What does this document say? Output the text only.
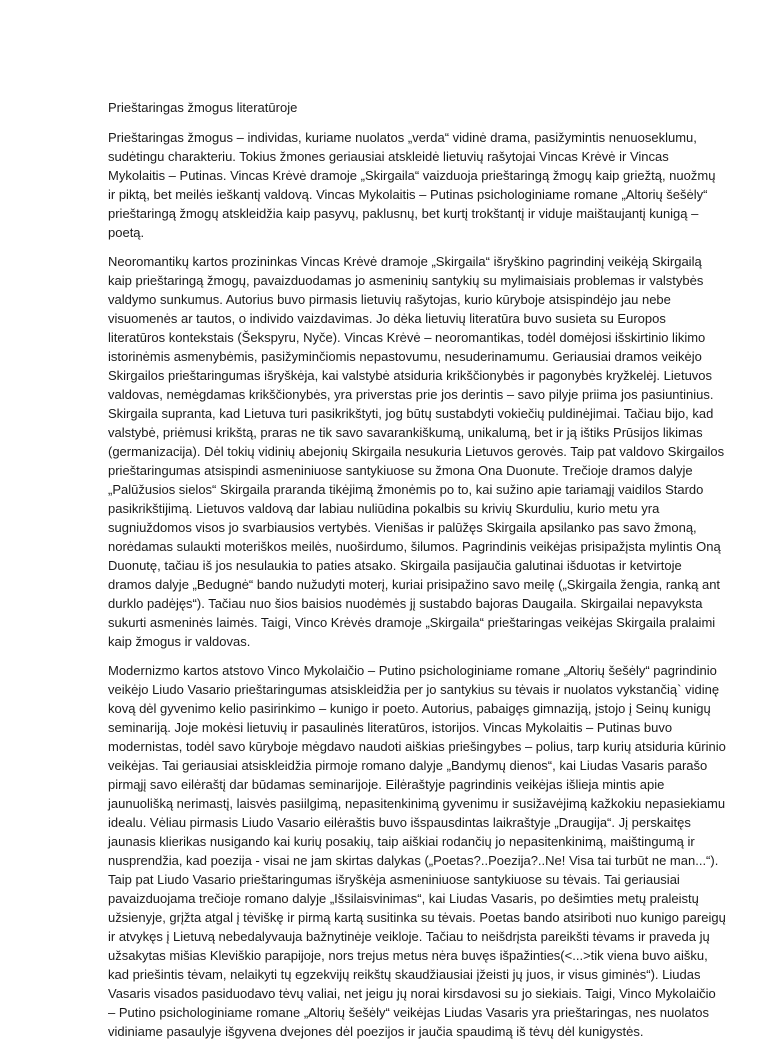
Prieštaringas žmogus literatūroje

Prieštaringas žmogus – individas, kuriame nuolatos „verda“ vidinė drama, pasižymintis nenuoseklumu, sudėtingu charakteriu. Tokius žmones geriausiai atskleidė lietuvių rašytojai Vincas Krėvė ir Vincas Mykolaitis – Putinas. Vincas Krėvė dramoje „Skirgaila“ vaizduoja prieštaringą žmogų kaip griežtą, nuožmų ir piktą, bet meilės ieškantį valdovą. Vincas Mykolaitis – Putinas psichologiniame romane „Altorių šešėly“ prieštaringą žmogų atskleidžia kaip pasyvų, paklusnų, bet kurtį trokštantį ir viduje maištaujantį kunigą – poetą.

Neoromantikų kartos prozininkas Vincas Krėvė dramoje „Skirgaila“ išryškino pagrindinį veikėją Skirgailą kaip prieštaringą žmogų, pavaizduodamas jo asmeninių santykių su mylimaisiais problemas ir valstybės valdymo sunkumus. Autorius buvo pirmasis lietuvių rašytojas, kurio kūryboje atsispindėjo jau nebe visuomenės ar tautos, o individo vaizdavimas. Jo dėka lietuvių literatūra buvo susieta su Europos literatūros kontekstais (Šekspyru, Nyče). Vincas Krėvė – neoromantikas, todėl domėjosi išskirtinio likimo istorinėmis asmenybėmis, pasižyminčiomis nepastovumu, nesuderinamumu. Geriausiai dramos veikėjo Skirgailos prieštaringumas išryškėja, kai valstybė atsiduria krikščionybės ir pagonybės kryžkelėj. Lietuvos valdovas, nemėgdamas krikščionybės, yra priverstas prie jos derintis – savo pilyje priima jos pasiuntinius. Skirgaila supranta, kad Lietuva turi pasikrikštyti, jog būtų sustabdyti vokiečių puldinėjimai. Tačiau bijo, kad valstybė, priėmusi krikštą, praras ne tik savo savarankiškumą, unikalumą, bet ir ją ištiks Prūsijos likimas (germanizacija). Dėl tokių vidinių abejonių Skirgaila nesukuria Lietuvos gerovės. Taip pat valdovo Skirgailos prieštaringumas atsispindi asmeniniuose santykiuose su žmona Ona Duonute. Trečioje dramos dalyje „Palūžusios sielos“ Skirgaila praranda tikėjimą žmonėmis po to, kai sužino apie tariamąjį vaidilos Stardo pasikrikštijimą. Lietuvos valdovą dar labiau nuliūdina pokalbis su krivių Skurduliu, kurio metu yra sugniuždomos visos jo svarbiausios vertybės. Vienišas ir palūžęs Skirgaila apsilanko pas savo žmoną, norėdamas sulaukti moteriškos meilės, nuoširdumo, šilumos. Pagrindinis veikėjas prisipažįsta mylintis Oną Duonutę, tačiau iš jos nesulaukia to paties atsako. Skirgaila pasijaučia galutinai išduotas ir ketvirtoje dramos dalyje „Bedugnė“ bando nužudyti moterį, kuriai prisipažino savo meilę („Skirgaila žengia, ranką ant durklo padėjęs“). Tačiau nuo šios baisios nuodėmės jį sustabdo bajoras Daugaila. Skirgailai nepavyksta sukurti asmeninės laimės. Taigi, Vinco Krėvės dramoje „Skirgaila“ prieštaringas veikėjas Skirgaila pralaimi kaip žmogus ir valdovas.

Modernizmo kartos atstovo Vinco Mykolaičio – Putino psichologiniame romane „Altorių šešėly“ pagrindinio veikėjo Liudo Vasario prieštaringumas atsiskleidžia per jo santykius su tėvais ir nuolatos vykstančią` vidinę kovą dėl gyvenimo kelio pasirinkimo – kunigo ir poeto. Autorius, pabaigęs gimnaziją, įstojo į Seinų kunigų seminariją. Joje mokėsi lietuvių ir pasaulinės literatūros, istorijos. Vincas Mykolaitis – Putinas buvo modernistas, todėl savo kūryboje mėgdavo naudoti aiškias priešingybes – polius, tarp kurių atsiduria kūrinio veikėjas. Tai geriausiai atsiskleidžia pirmoje romano dalyje „Bandymų dienos“, kai Liudas Vasaris parašo pirmąjį savo eilėraštį dar būdamas seminarijoje. Eilėraštyje pagrindinis veikėjas išlieja mintis apie jaunuolišką nerimastį, laisvės pasiilgimą, nepasitenkinimą gyvenimu ir susižavėjimą kažkokiu nepasiekiamu idealu. Vėliau pirmasis Liudo Vasario eilėraštis buvo išspausdintas laikraštyje „Draugija“. Jį perskaitęs jaunasis klierikas nusigando kai kurių posakių, taip aiškiai rodančių jo nepasitenkinimą, maištingumą ir nusprendžia, kad poezija - visai ne jam skirtas dalykas („Poetas?..Poezija?..Ne! Visa tai turbūt ne man...“). Taip pat Liudo Vasario prieštaringumas išryškėja asmeniniuose santykiuose su tėvais. Tai geriausiai pavaizduojama trečioje romano dalyje „Išsilaisvinimas“, kai Liudas Vasaris, po dešimties metų praleistų užsienyje, grįžta atgal į tėviškę ir pirmą kartą susitinka su tėvais. Poetas bando atsiriboti nuo kunigo pareigų ir atvykęs į Lietuvą nebedalyvauja bažnytinėje veikloje. Tačiau to neišdrįsta pareikšti tėvams ir praveda jų užsakytas mišias Kleviškio parapijoje, nors trejus metus nėra buvęs išpažinties(<...>tik viena buvo aišku, kad priešintis tėvam, nelaikyti tų egzekvijų reikštų skaudžiausiai įžeisti jų juos, ir visus giminės“). Liudas Vasaris visados pasiduodavo tėvų valiai, net jeigu jų norai kirsdavosi su jo siekiais. Taigi, Vinco Mykolaičio – Putino psichologiniame romane „Altorių šešėly“ veikėjas Liudas Vasaris yra prieštaringas, nes nuolatos vidiniame pasaulyje išgyvena dvejones dėl poezijos ir jaučia spaudimą iš tėvų dėl kunigystės.
